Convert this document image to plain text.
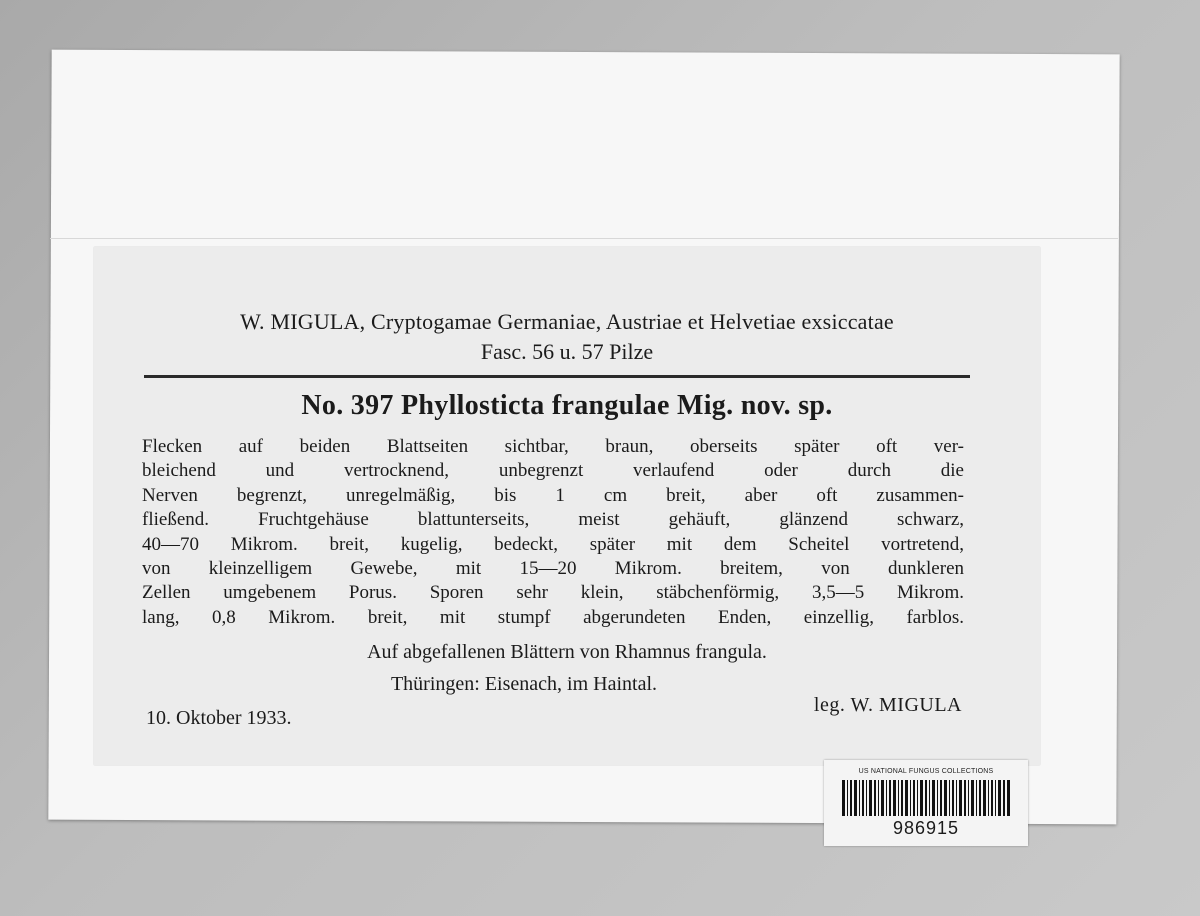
W. MIGULA, Cryptogamae Germaniae, Austriae et Helvetiae exsiccatae
Fasc. 56 u. 57 Pilze
No. 397 Phyllosticta frangulae Mig. nov. sp.
Flecken auf beiden Blattseiten sichtbar, braun, oberseits später oft ver-
bleichend und vertrocknend, unbegrenzt verlaufend oder durch die
Nerven begrenzt, unregelmäßig, bis 1 cm breit, aber oft zusammen-
fließend. Fruchtgehäuse blattunterseits, meist gehäuft, glänzend schwarz,
40—70 Mikrom. breit, kugelig, bedeckt, später mit dem Scheitel vortretend,
von kleinzelligem Gewebe, mit 15—20 Mikrom. breitem, von dunkleren
Zellen umgebenem Porus. Sporen sehr klein, stäbchenförmig, 3,5—5 Mikrom.
lang, 0,8 Mikrom. breit, mit stumpf abgerundeten Enden, einzellig, farblos.
Auf abgefallenen Blättern von Rhamnus frangula.
Thüringen: Eisenach, im Haintal.
10. Oktober 1933.
leg. W. MIGULA
US NATIONAL FUNGUS COLLECTIONS
986915
